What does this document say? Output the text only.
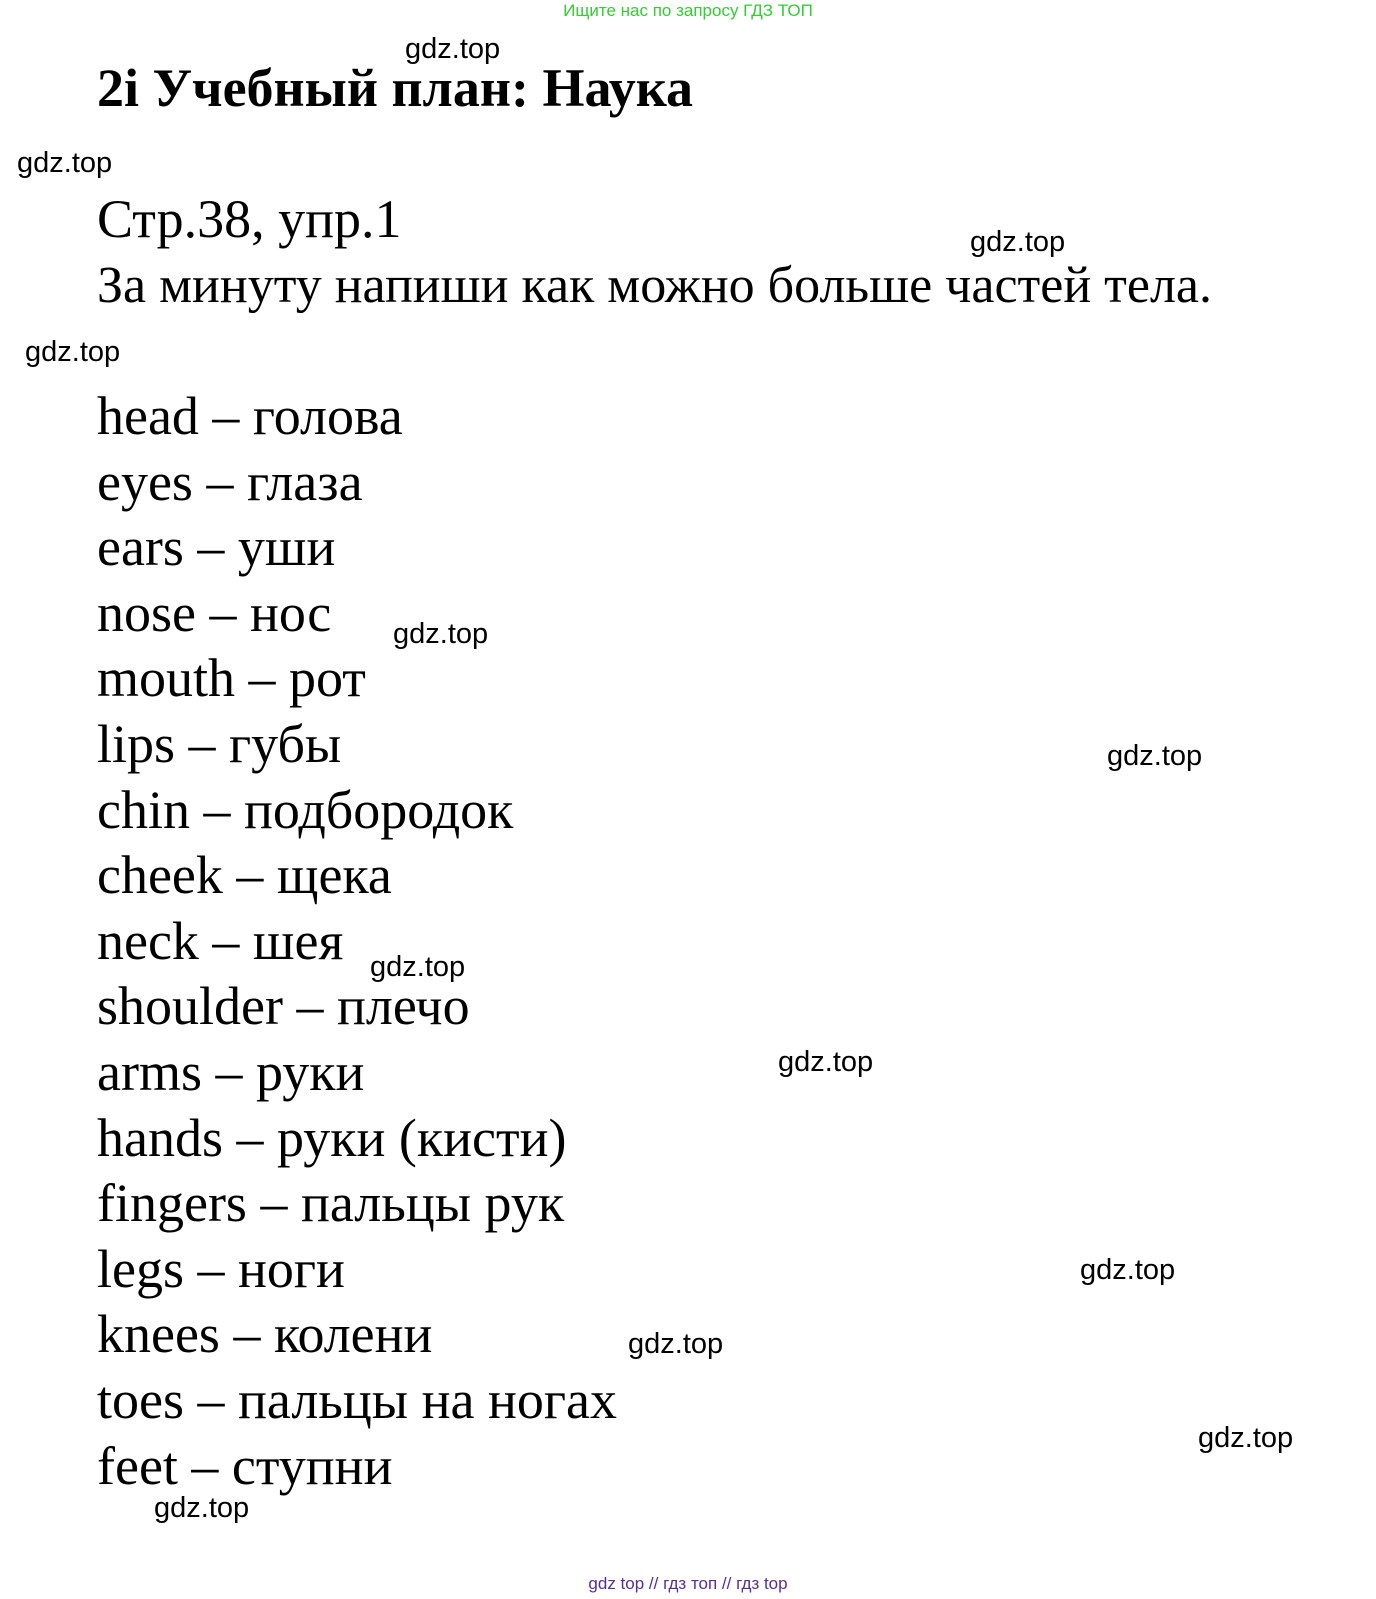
Ищите нас по запросу ГДЗ ТОП
2i Учебный план: Наука
Стр.38, упр.1
За минуту напиши как можно больше частей тела.
head – голова
eyes – глаза
ears – уши
nose – нос
mouth – рот
lips – губы
chin – подбородок
cheek – щека
neck – шея
shoulder – плечо
arms – руки
hands – руки (кисти)
fingers – пальцы рук
legs – ноги
knees – колени
toes – пальцы на ногах
feet – ступни
gdz.top
gdz.top
gdz.top
gdz.top
gdz.top
gdz.top
gdz.top
gdz.top
gdz.top
gdz.top
gdz.top
gdz.top
gdz top // гдз топ // гдз top
